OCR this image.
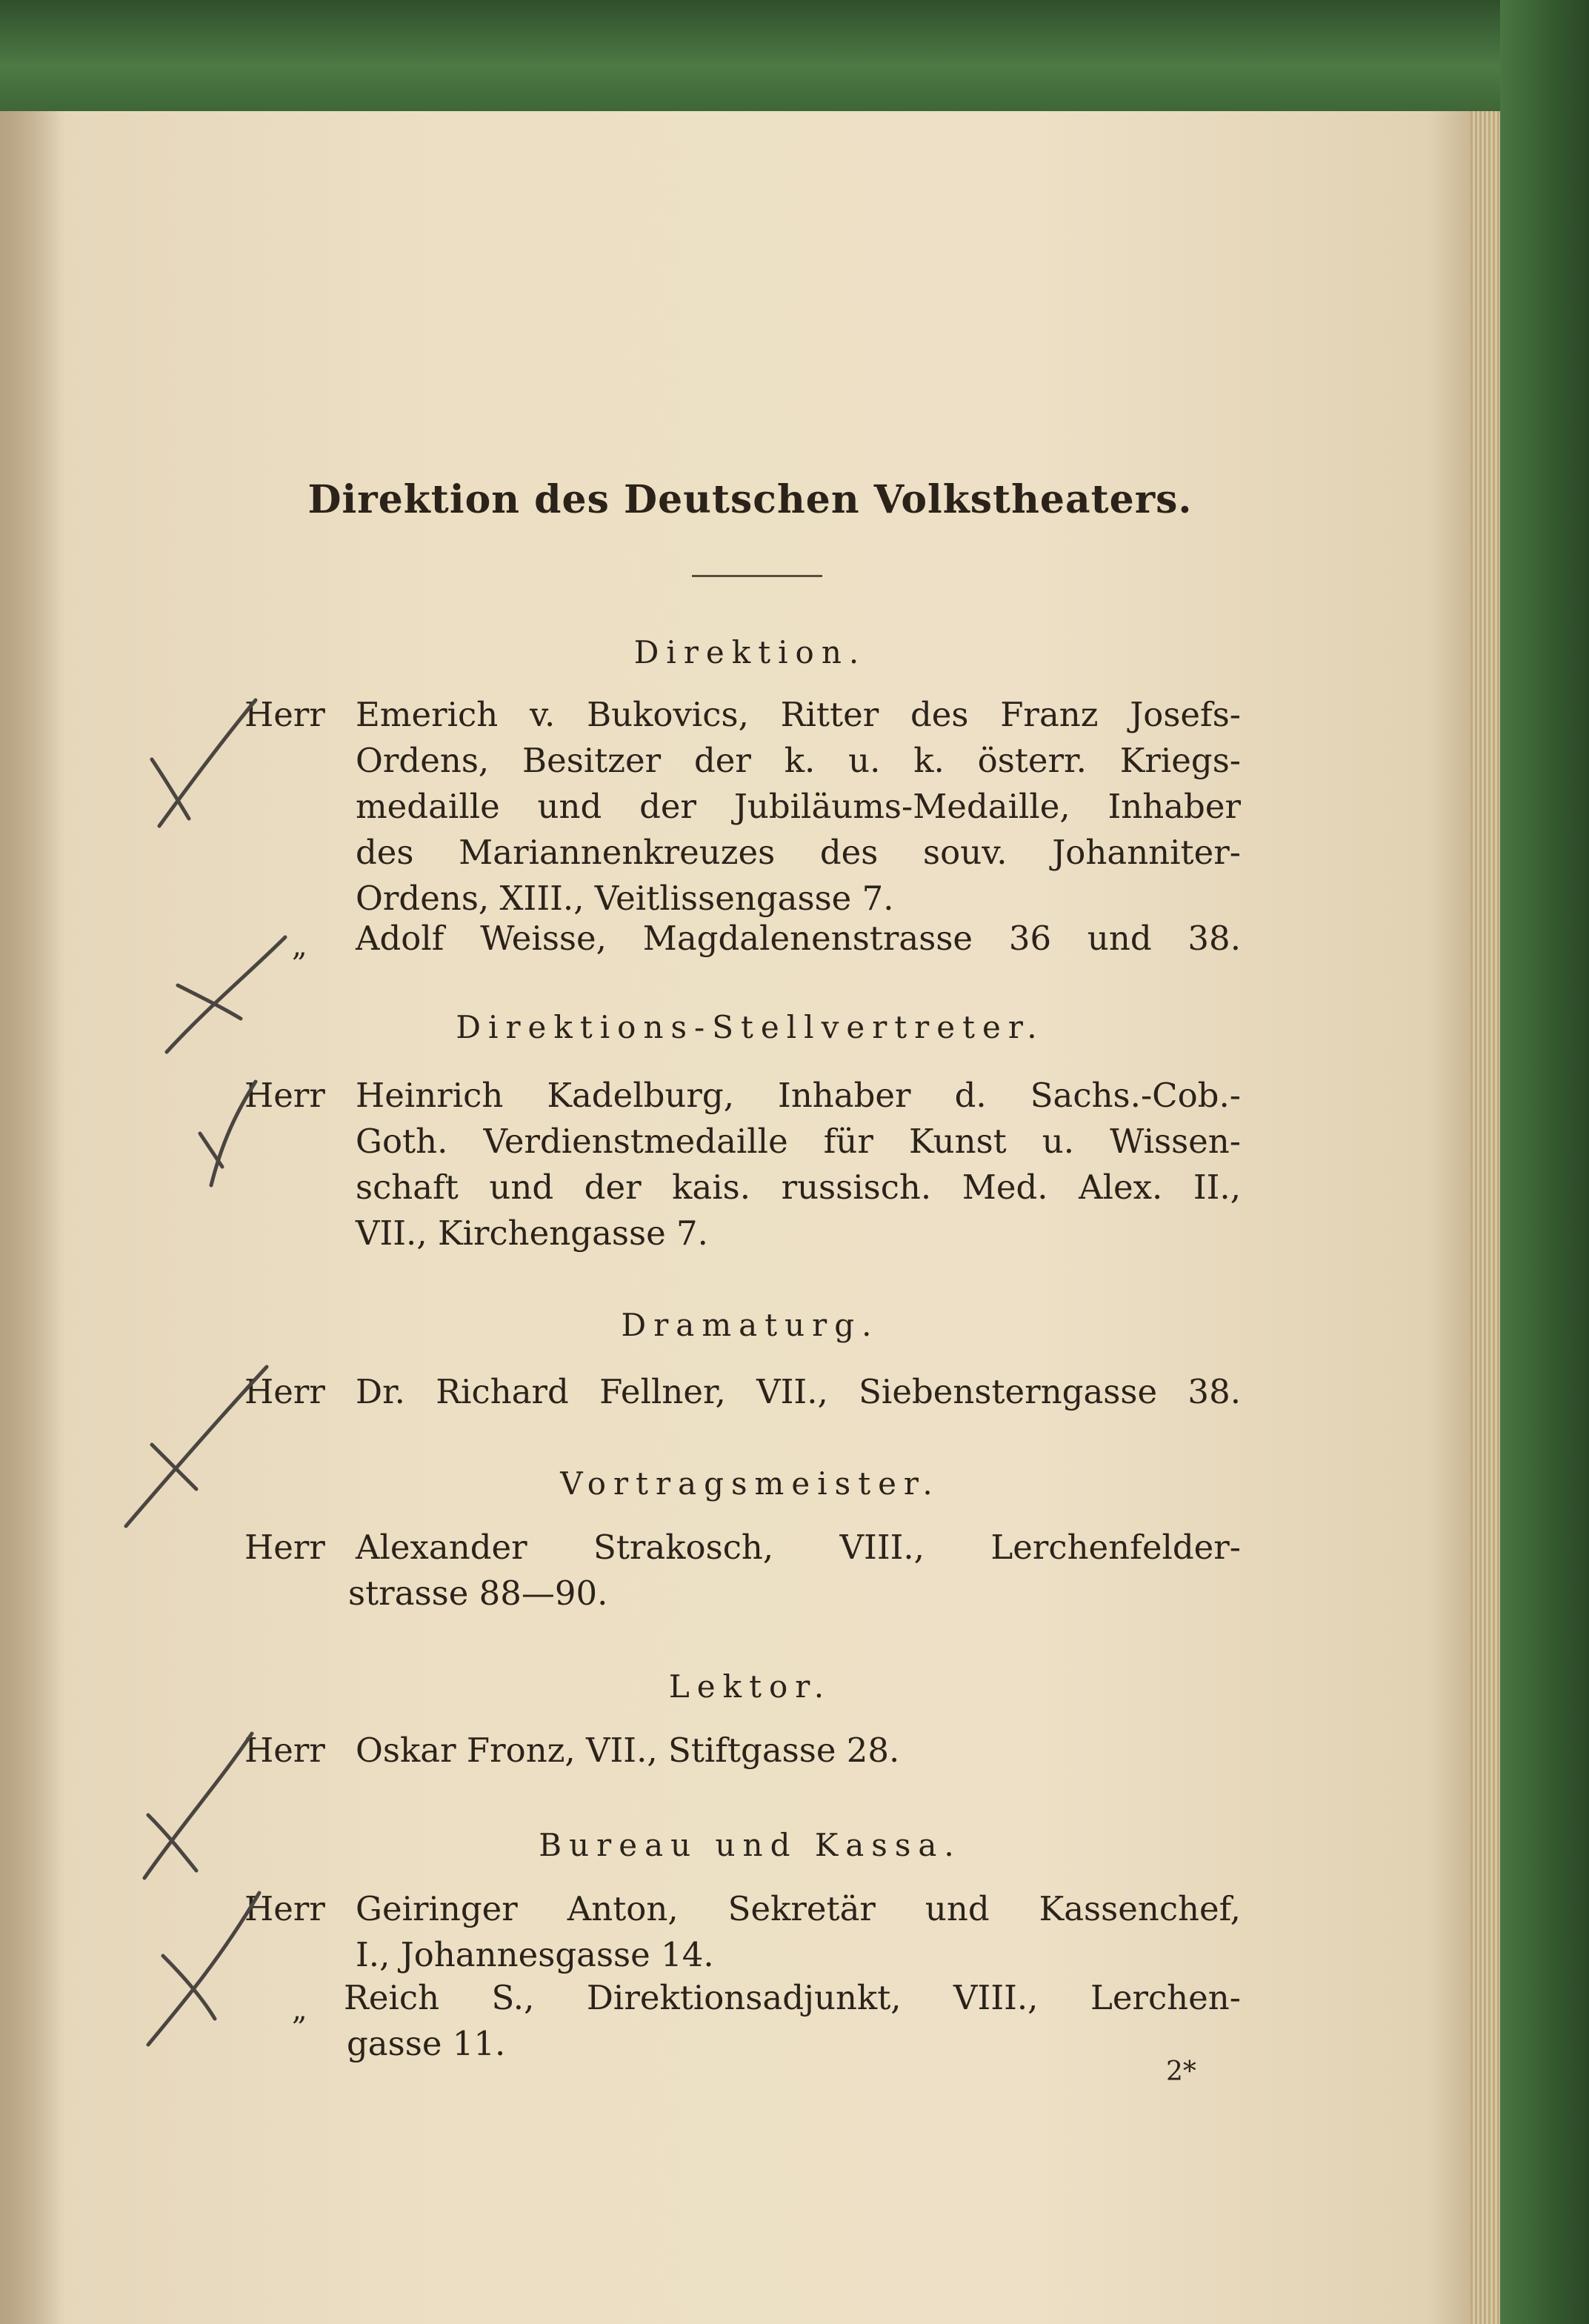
Direktion des Deutschen Volkstheaters.
Direktion.
Herr Emerich v. Bukovics, Ritter des Franz Josefs-
Ordens, Besitzer der k. u. k. österr. Kriegs-
medaille und der Jubiläums-Medaille, Inhaber
des Mariannenkreuzes des souv. Johanniter-
Ordens, XIII., Veitlissengasse 7.
„ Adolf Weisse, Magdalenenstrasse 36 und 38.
Direktions-Stellvertreter.
Herr Heinrich Kadelburg, Inhaber d. Sachs.-Cob.-
Goth. Verdienstmedaille für Kunst u. Wissen-
schaft und der kais. russisch. Med. Alex. II.,
VII., Kirchengasse 7.
Dramaturg.
Herr Dr. Richard Fellner, VII., Siebensterngasse 38.
Vortragsmeister.
Herr Alexander Strakosch, VIII., Lerchenfelder-
strasse 88—90.
Lektor.
Herr Oskar Fronz, VII., Stiftgasse 28.
Bureau und Kassa.
Herr Geiringer Anton, Sekretär und Kassenchef,
I., Johannesgasse 14.
„ Reich S., Direktionsadjunkt, VIII., Lerchen-
gasse 11.
2*
